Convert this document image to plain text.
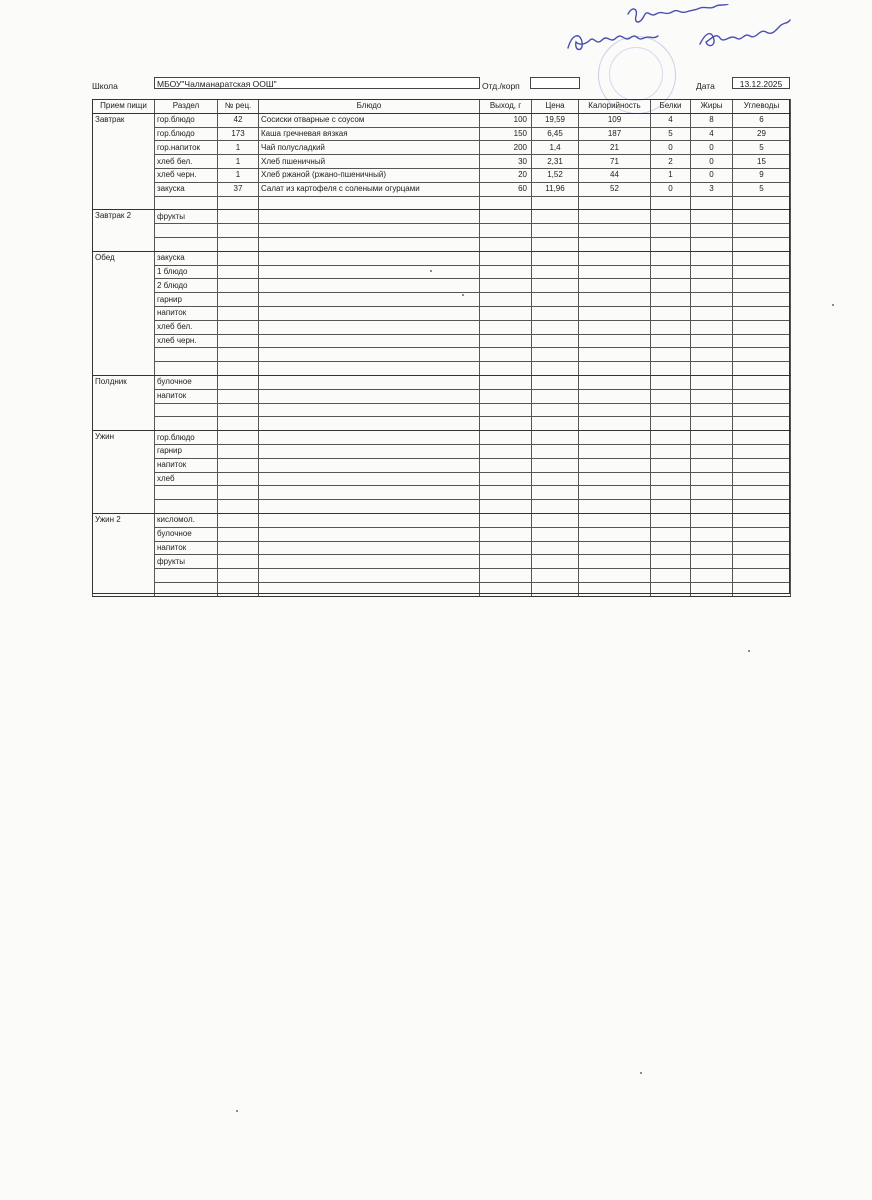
Школа	МБОУ"Чалманаратская ООШ"	Отд./корп	Дата	13.12.2025
Прием пищи	Раздел	№ рец.	Блюдо	Выход, г	Цена	Калорийность	Белки	Жиры	Углеводы
Завтрак	гор.блюдо	42	Сосиски отварные с соусом	100	19,59	109	4	8	6
	гор.блюдо	173	Каша гречневая вязкая	150	6,45	187	5	4	29
	гор.напиток	1	Чай полусладкий	200	1,4	21	0	0	5
	хлеб бел.	1	Хлеб пшеничный	30	2,31	71	2	0	15
	хлеб черн.	1	Хлеб ржаной (ржано-пшеничный)	20	1,52	44	1	0	9
	закуска	37	Салат из картофеля с солеными огурцами	60	11,96	52	0	3	5

Завтрак 2	фрукты								

Обед	закуска								
	1 блюдо								
	2 блюдо								
	гарнир								
	напиток								
	хлеб бел.								
	хлеб черн.								

Полдник	булочное								
	напиток								

Ужин	гор.блюдо								
	гарнир								
	напиток								
	хлеб								

Ужин 2	кисломол.								
	булочное								
	напиток								
	фрукты								
